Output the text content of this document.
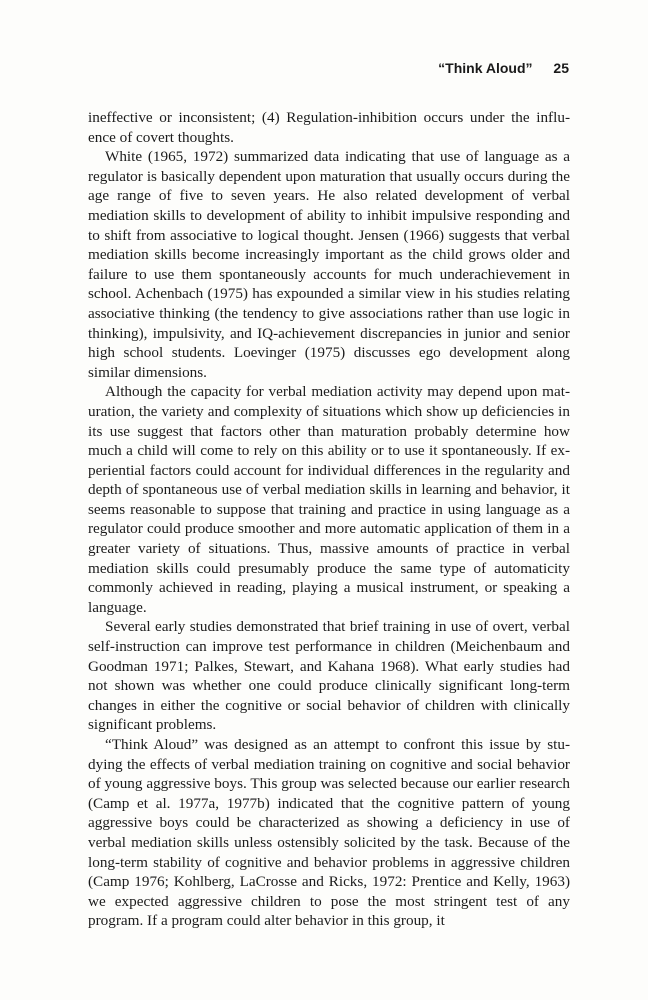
“Think Aloud” 25

ineffective or inconsistent; (4) Regulation-inhibition occurs under the influence of covert thoughts.

White (1965, 1972) summarized data indicating that use of language as a regulator is basically dependent upon maturation that usually occurs during the age range of five to seven years. He also related development of verbal mediation skills to development of ability to inhibit impulsive responding and to shift from associative to logical thought. Jensen (1966) suggests that verbal mediation skills become increasingly important as the child grows older and failure to use them spontaneously accounts for much underachievement in school. Achenbach (1975) has expounded a similar view in his studies relating associative thinking (the tendency to give associations rather than use logic in thinking), impulsivity, and IQ-achievement discrepancies in junior and senior high school students. Loevinger (1975) discusses ego development along similar dimensions.

Although the capacity for verbal mediation activity may depend upon maturation, the variety and complexity of situations which show up deficiencies in its use suggest that factors other than maturation probably determine how much a child will come to rely on this ability or to use it spontaneously. If experiential factors could account for individual differences in the regularity and depth of spontaneous use of verbal mediation skills in learning and behavior, it seems reasonable to suppose that training and practice in using language as a regulator could produce smoother and more automatic application of them in a greater variety of situations. Thus, massive amounts of practice in verbal mediation skills could presumably produce the same type of automaticity commonly achieved in reading, playing a musical instrument, or speaking a language.

Several early studies demonstrated that brief training in use of overt, verbal self-instruction can improve test performance in children (Meichenbaum and Goodman 1971; Palkes, Stewart, and Kahana 1968). What early studies had not shown was whether one could produce clinically significant long-term changes in either the cognitive or social behavior of children with clinically significant problems.

“Think Aloud” was designed as an attempt to confront this issue by studying the effects of verbal mediation training on cognitive and social behavior of young aggressive boys. This group was selected because our earlier research (Camp et al. 1977a, 1977b) indicated that the cognitive pattern of young aggressive boys could be characterized as showing a deficiency in use of verbal mediation skills unless ostensibly solicited by the task. Because of the long-term stability of cognitive and behavior problems in aggressive children (Camp 1976; Kohlberg, LaCrosse and Ricks, 1972: Prentice and Kelly, 1963) we expected aggressive children to pose the most stringent test of any program. If a program could alter behavior in this group, it
